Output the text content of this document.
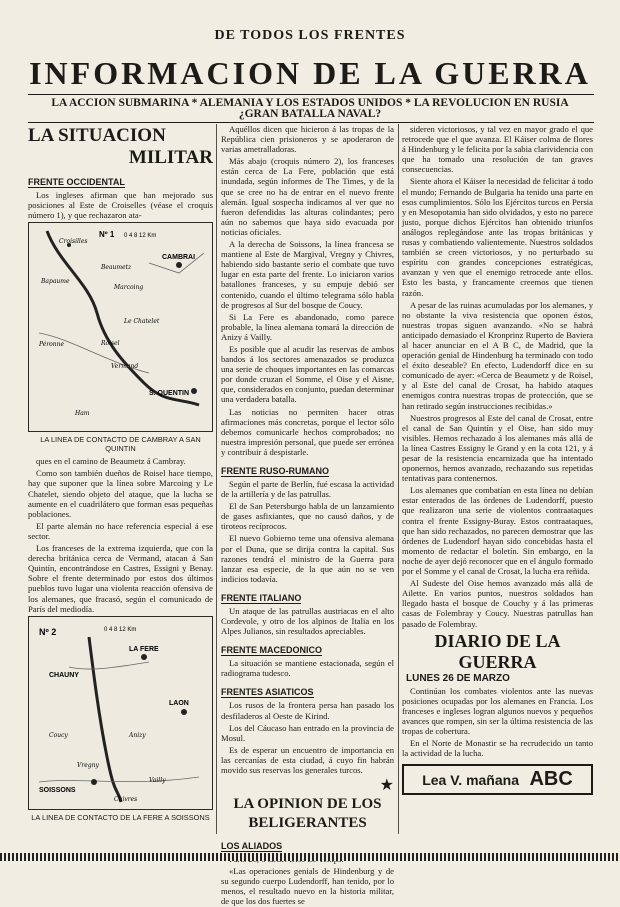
DE TODOS LOS FRENTES
INFORMACION DE LA GUERRA
LA ACCION SUBMARINA * ALEMANIA Y LOS ESTADOS UNIDOS * LA REVOLUCION EN RUSIA
¿GRAN BATALLA NAVAL?
LA SITUACION
MILITAR
FRENTE OCCIDENTAL

Los ingleses afirman que han mejorado sus posiciones al Este de Croiselles (véase el croquis número 1), y que rechazaron ata-

Nº 1 0 4 8 12 Km
Croisilles
CAMBRAI
Beaumetz
Bapaume
Marcoing
Le Chatelet
Péronne	Roisel
Vermand
S. QUENTIN
Ham
LA LINEA DE CONTACTO DE CAMBRAY A SAN QUINTIN

ques en el camino de Beaumetz á Cambray.

Como son también dueños de Roisel hace tiempo, hay que suponer que la línea sobre Marcoing y Le Chatelet, siendo objeto del ataque, que la lucha se aumente en el cuadrilátero que forman esas pequeñas poblaciones.

El parte alemán no hace referencia especial á ese sector.

Los franceses de la extrema izquierda, que con la derecha británica cerca de Vermand, atacan á San Quintín, encontrándose en Castres, Essigni y Benay. Sobre el frente determinado por estos dos últimos pueblos tuvo lugar una violenta reacción ofensiva de los alemanes, que fracasó, según el comunicado de París del mediodía.

Nº 2	0 4 8 12 Km
LA FERE
CHAUNY
LAON
Coucy	Anizy
Vregny
Vailly
SOISSONS
Chivres
LA LINEA DE CONTACTO DE LA FERE A SOISSONS

Aquéllos dicen que hicieron á las tropas de la República cien prisioneros y se apoderaron de varias ametralladoras.

Más abajo (croquis número 2), los franceses están cerca de La Fere, población que está inundada, según informes de The Times, y de la que se cree no ha de entrar en el nuevo frente alemán. Igual sospecha indicamos al ver que no fueron defendidas las alturas colindantes; pero aún no sabemos que haya sido evacuada por noticias oficiales.

A la derecha de Soissons, la línea francesa se mantiene al Este de Margival, Vregny y Chivres, habiendo sido bastante serio el combate que tuvo lugar en esta parte del frente. Lo iniciaron varios batallones franceses, y su empuje debió ser contenido, cuando el último telegrama sólo habla de progresos al Sur del bosque de Coucy.

Si La Fere es abandonado, como parece probable, la línea alemana tomará la dirección de Anizy á Vailly.

Es posible que al acudir las reservas de ambos bandos á los sectores amenazados se produzca una serie de choques importantes en las comarcas por donde cruzan el Somme, el Oise y el Aisne, que, considerados en conjunto, puedan determinar una verdadera batalla.

Las noticias no permiten hacer otras afirmaciones más concretas, porque el lector sólo debemos comunicarle hechos comprobados; no nuestra impresión personal, que puede ser errónea y contribuir á despistarle.

FRENTE RUSO-RUMANO

Según el parte de Berlín, fué escasa la actividad de la artillería y de las patrullas.

El de San Petersburgo habla de un lanzamiento de gases asfixiantes, que no causó daños, y de tiroteos recíprocos.

El nuevo Gobierno teme una ofensiva alemana por el Duna, que se dirija contra la capital. Sus razones tendrá el ministro de la Guerra para lanzar esa especie, de la que aún no se ven indicios todavía.

FRENTE ITALIANO

Un ataque de las patrullas austriacas en el alto Cordevole, y otro de los alpinos de Italia en los Alpes Julianos, sin resultados apreciables.

FRENTE MACEDONICO

La situación se mantiene estacionada, según el radiograma tudesco.

FRENTES ASIATICOS

Los rusos de la frontera persa han pasado los desfiladeros al Oeste de Kirind.

Los del Cáucaso han entrado en la provincia de Mosul.

Es de esperar un encuentro de importancia en las cercanías de esta ciudad, á cuyo fin habrán movido sus reservas los generales turcos.

★
LA OPINION DE LOS
BELIGERANTES
LOS ALIADOS

«Las operaciones genials de Hindenburg y de su segundo cuerpo Ludendorff, han tenido, por lo menos, el resultado nuevo en la historia militar, de que los dos fuertes se

sideren victoriosos, y tal vez en mayor grado el que retrocede que el que avanza. El Káiser colma de flores á Hindenburg y le felicita por la sabia clarividencia con que ha tomado una resolución de tan graves consecuencias.

Siente ahora el Káiser la necesidad de felicitar á todo el mundo; Fernando de Bulgaria ha tenido una parte en esos cumplimientos. Sólo los Ejércitos turcos en Persia y en Mesopotamia han sido olvidados, y esto no parece justo, porque dichos Ejércitos han obtenido triunfos análogos replegándose ante las tropas británicas y rusas y combatiendo valientemente. Nuestros soldados también se creen victoriosos, y no perturbado su espíritu con grandes concepciones estratégicas, avanzan y ven que el enemigo retrocede ante ellos. Esto les basta, y francamente creemos que tienen razón.

A pesar de las ruinas acumuladas por los alemanes, y no obstante la viva resistencia que oponen éstos, nuestras tropas siguen avanzando. «No se habrá anticipado demasiado el Kronprinz Ruperto de Baviera al hacer anunciar en el A B C, de Madrid, que la operación genial de Hindenburg ha terminado con todo el éxito deseable? En efecto, Ludendorff dice en su comunicado de ayer: «Cerca de Beaumetz y de Roisel, y al Este del canal de Crosat, ha habido ataques enemigos contra nuestras tropas de protección, que se han retirado según instrucciones recibidas.»

Nuestros progresos al Este del canal de Crosat, entre el canal de San Quintín y el Oise, han sido muy visibles. Hemos rechazado á los alemanes más allá de la línea Castres Essigny le Grand y en la cota 121, y á pesar de la resistencia encarnizada que ha intentado oponernos, hemos avanzado, rechazando sus repetidas tentativas para contenernos.

Los alemanes que combatían en esta línea no debían estar enterados de las órdenes de Ludendorff, puesto que realizaron una serie de violentos contraataques contra el frente Essigny-Buray. Estos contraataques, que han sido rechazados, no parecen demostrar que las órdenes de Ludendorf hayan sido concebidas hasta el momento de redactar el boletín. Sin embargo, en la noche de ayer dejó reconocer que en el ángulo formado por el Somme y el canal de Crosat, la lucha era reñida.

Al Sudeste del Oise hemos avanzado más allá de Ailette. En varios puntos, nuestros soldados han llegado hasta el bosque de Couchy y á las primeras casas de Folembray y Coucy. Nuestras patrullas han pasado de Folembray.

DIARIO DE LA GUERRA
LUNES 26 DE MARZO

Continúan los combates violentos ante las nuevas posiciones ocupadas por los alemanes en Francia. Los franceses e ingleses logran algunos nuevos y pequeños avances que rompen, sin ser la última resistencia de las tropas de cobertura.

En el Norte de Monastir se ha recrudecido un tanto la actividad de la lucha.

Lea V. mañana ABC
